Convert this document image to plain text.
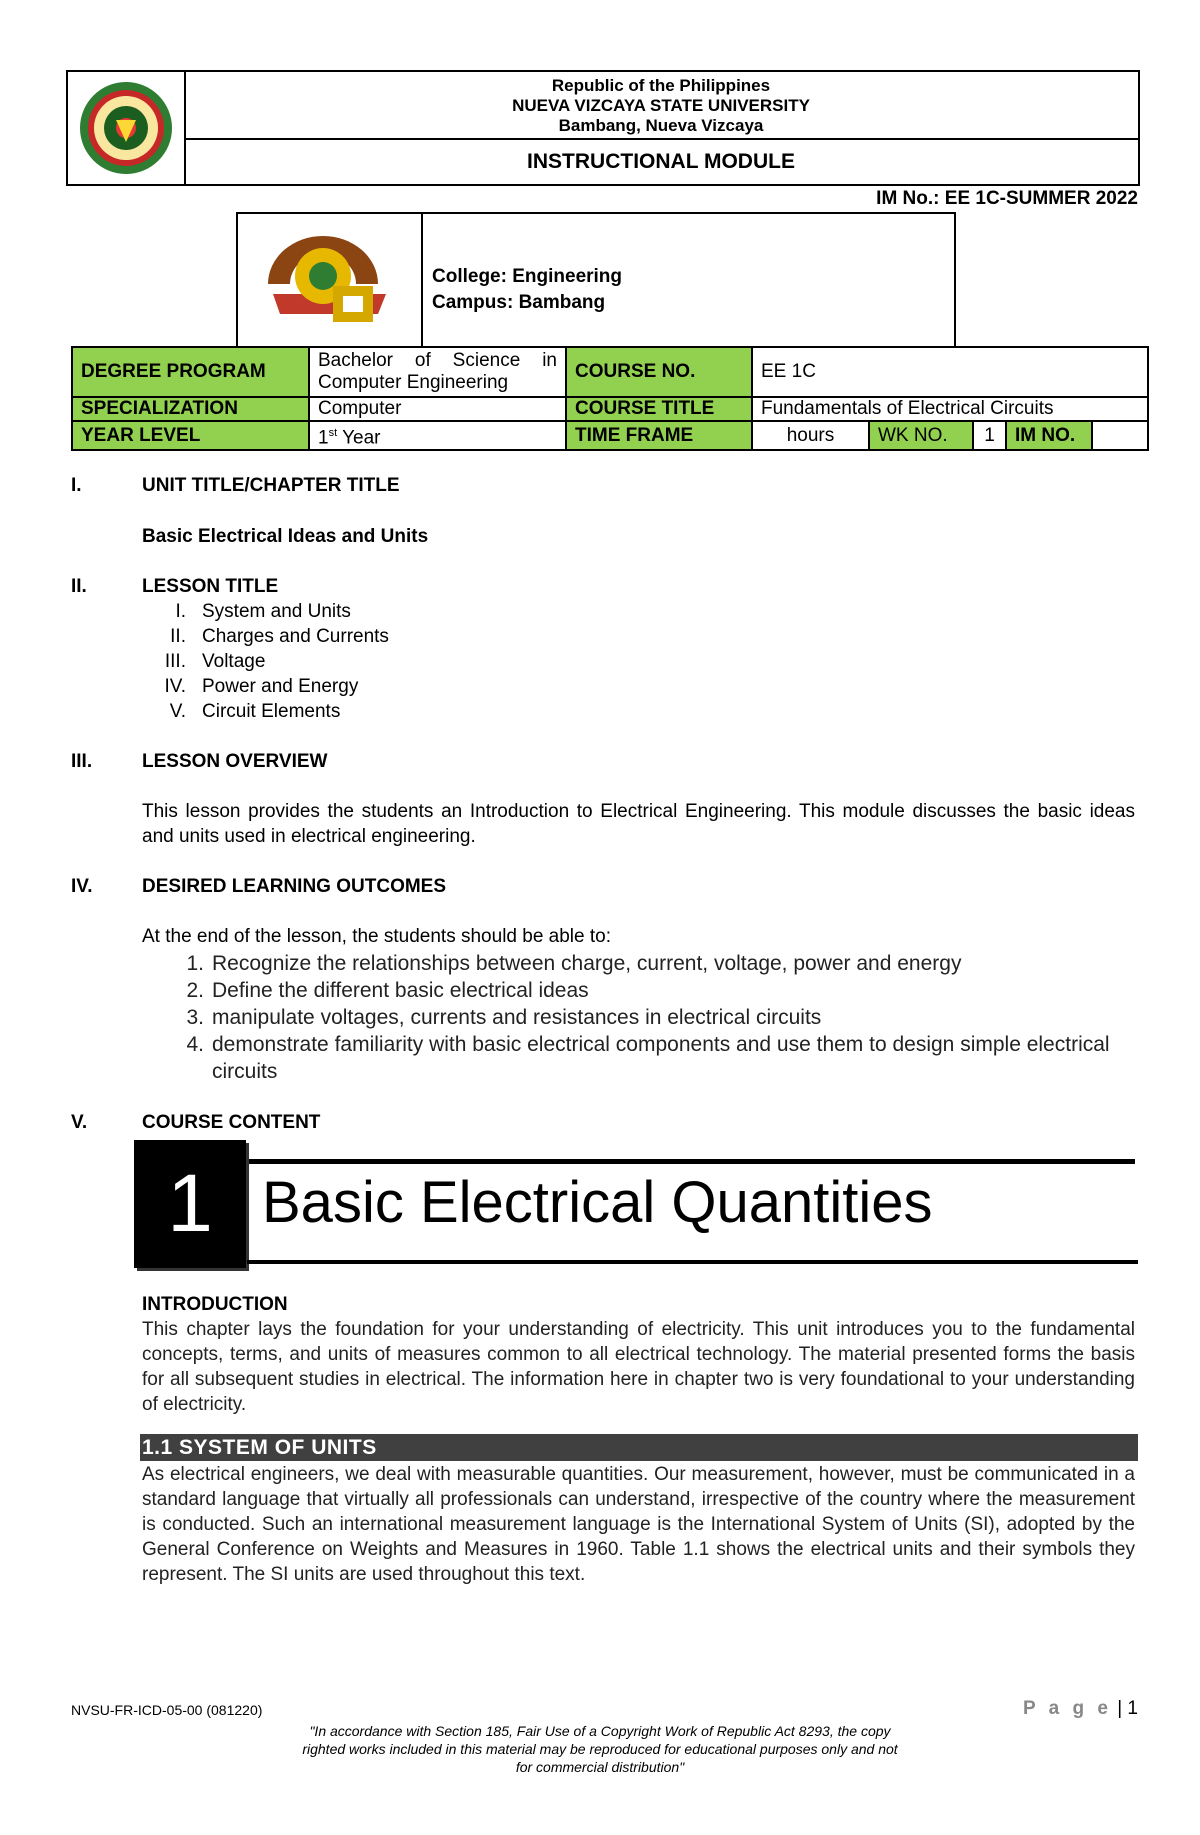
Republic of the Philippines
NUEVA VIZCAYA STATE UNIVERSITY
Bambang, Nueva Vizcaya
INSTRUCTIONAL MODULE
IM No.: EE 1C-SUMMER 2022
College: Engineering
Campus: Bambang
DEGREE PROGRAM	Bachelor of Science in Computer Engineering	COURSE NO.	EE 1C				
SPECIALIZATION	Computer	COURSE TITLE	Fundamentals of Electrical Circuits				
YEAR LEVEL	1st Year	TIME FRAME	hours	WK NO.	1	IM NO.	
I.	UNIT TITLE/CHAPTER TITLE
Basic Electrical Ideas and Units
II.	LESSON TITLE
I. System and Units
II. Charges and Currents
III. Voltage
IV. Power and Energy
V. Circuit Elements
III.	LESSON OVERVIEW
This lesson provides the students an Introduction to Electrical Engineering. This module discusses the basic ideas and units used in electrical engineering.
IV.	DESIRED LEARNING OUTCOMES
At the end of the lesson, the students should be able to:
1. Recognize the relationships between charge, current, voltage, power and energy
2. Define the different basic electrical ideas
3. manipulate voltages, currents and resistances in electrical circuits
4. demonstrate familiarity with basic electrical components and use them to design simple electrical circuits
V.	COURSE CONTENT
1 Basic Electrical Quantities
INTRODUCTION
This chapter lays the foundation for your understanding of electricity. This unit introduces you to the fundamental concepts, terms, and units of measures common to all electrical technology. The material presented forms the basis for all subsequent studies in electrical. The information here in chapter two is very foundational to your understanding of electricity.
1.1 SYSTEM OF UNITS
As electrical engineers, we deal with measurable quantities. Our measurement, however, must be communicated in a standard language that virtually all professionals can understand, irrespective of the country where the measurement is conducted. Such an international measurement language is the International System of Units (SI), adopted by the General Conference on Weights and Measures in 1960. Table 1.1 shows the electrical units and their symbols they represent. The SI units are used throughout this text.
NVSU-FR-ICD-05-00 (081220)	P a g e | 1
"In accordance with Section 185, Fair Use of a Copyright Work of Republic Act 8293, the copy righted works included in this material may be reproduced for educational purposes only and not for commercial distribution"
